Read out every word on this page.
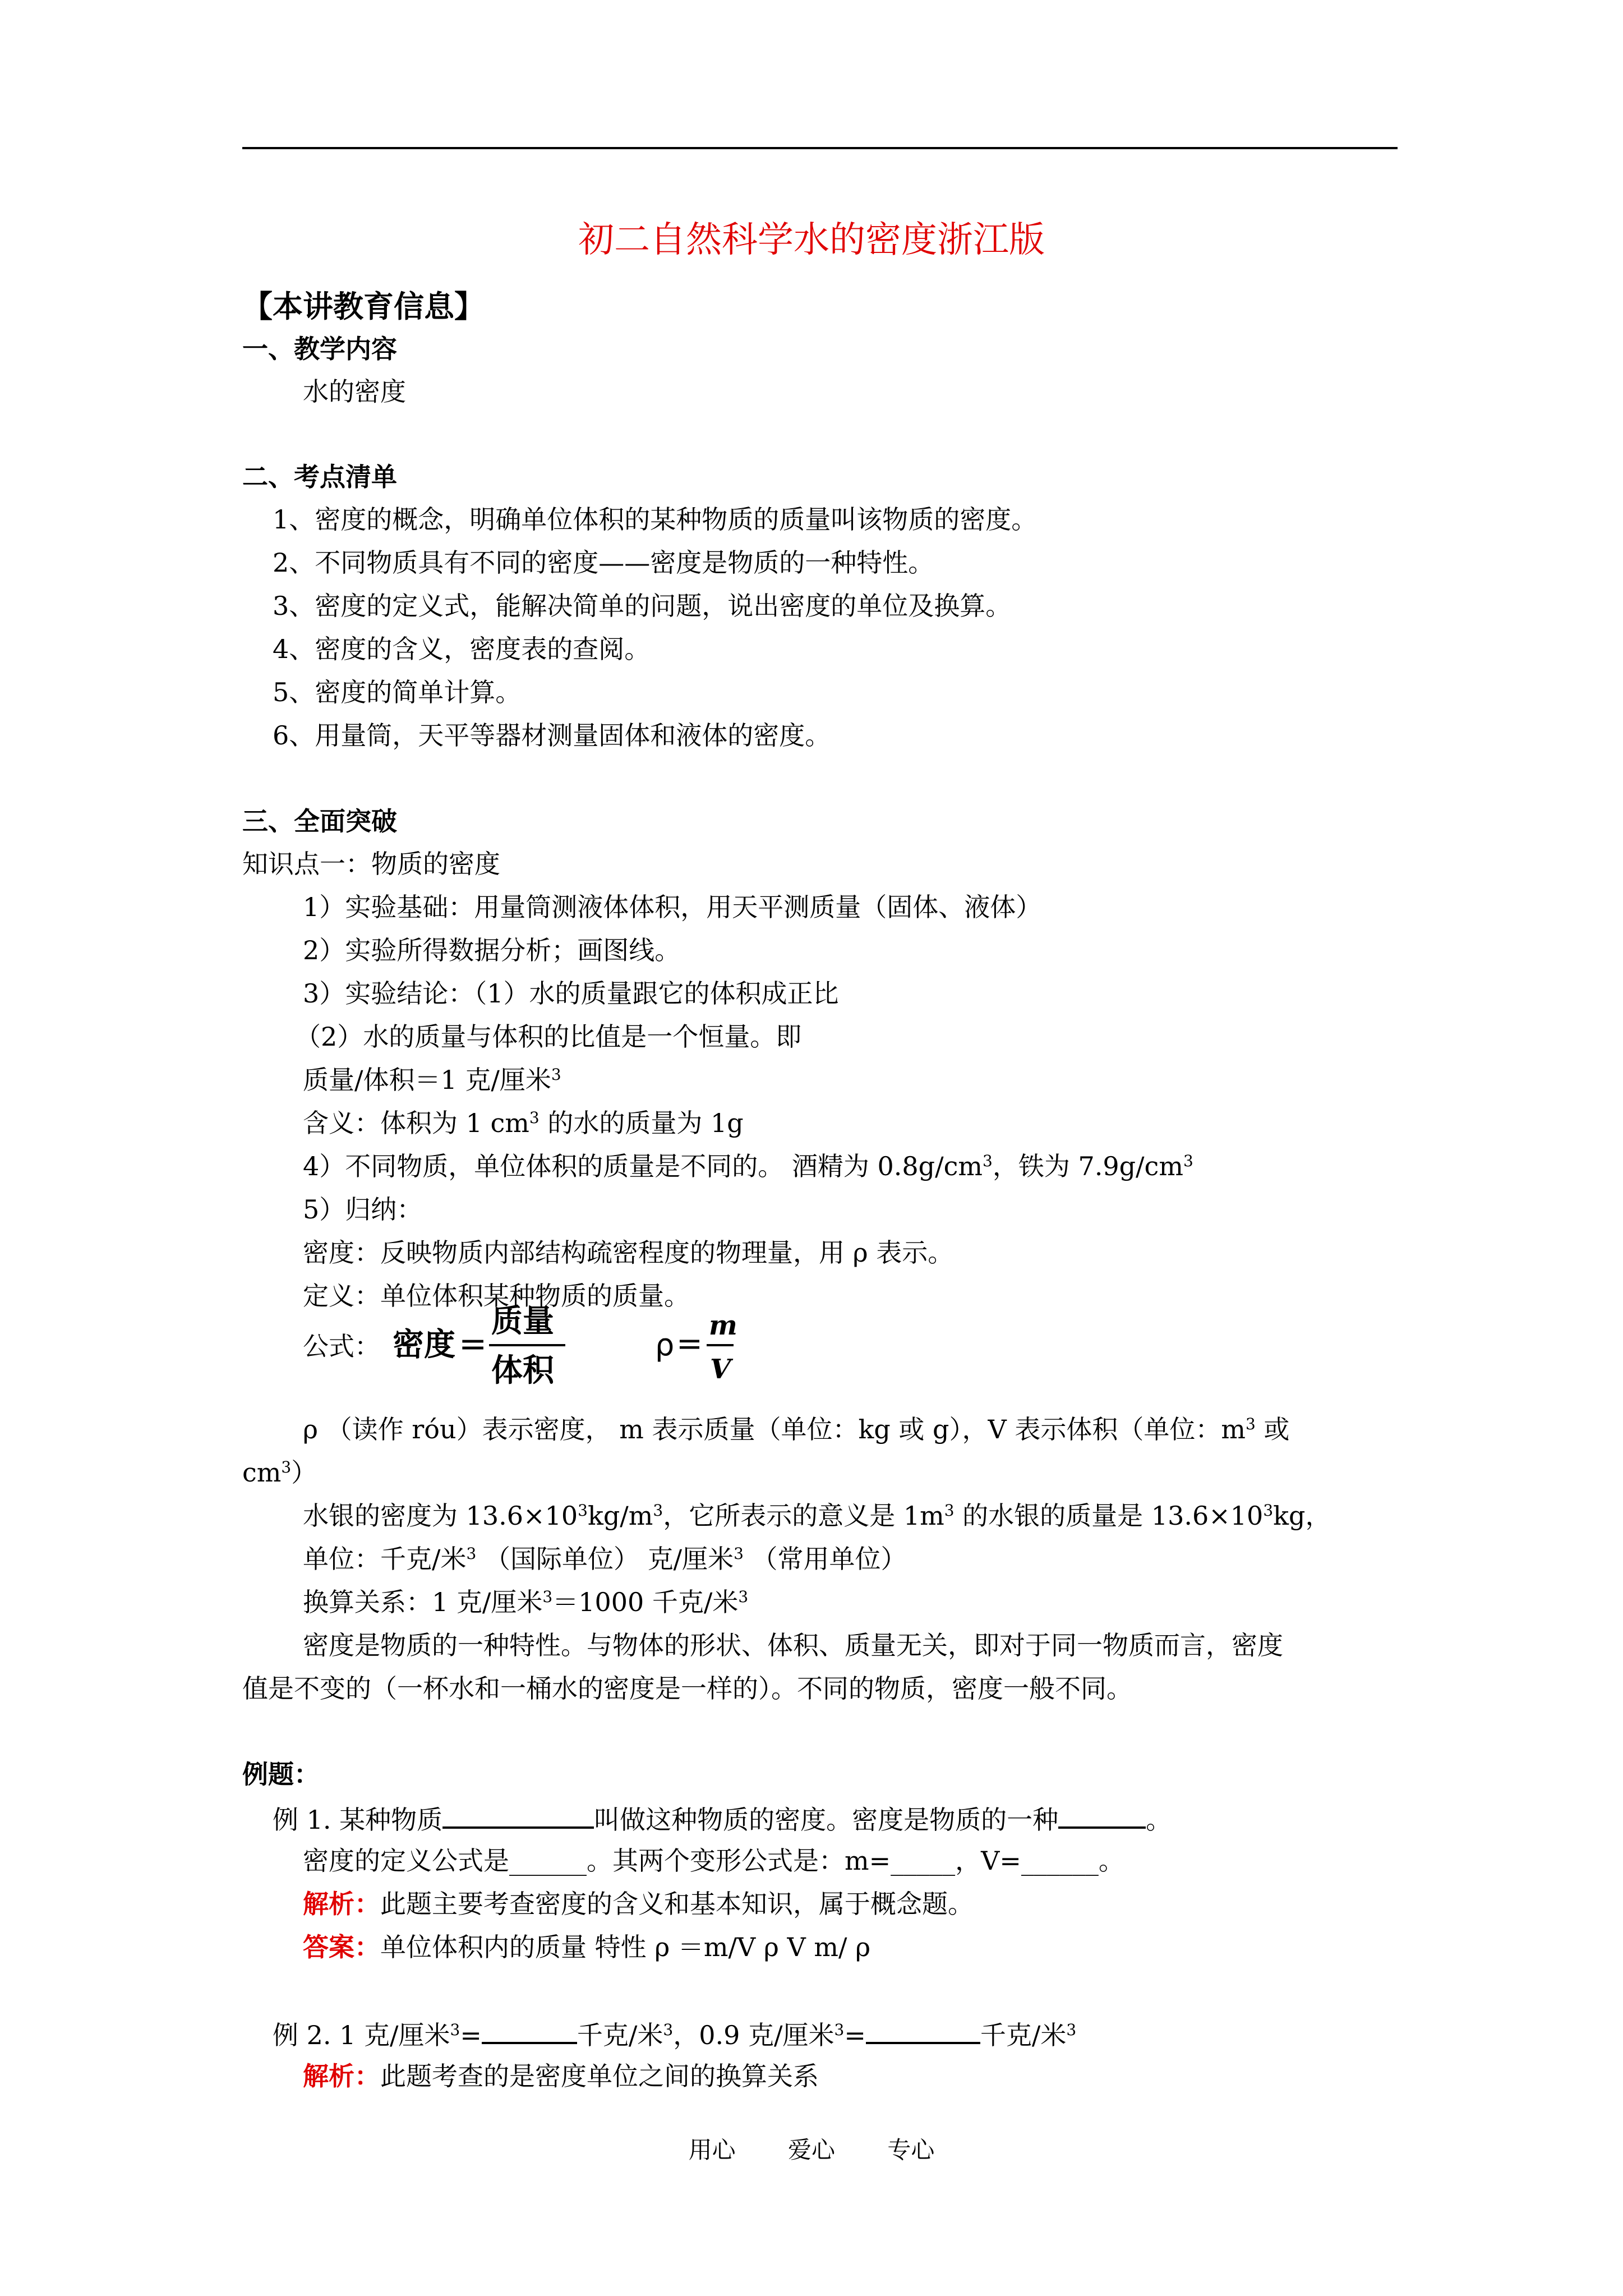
初二自然科学水的密度浙江版
【本讲教育信息】
一、教学内容
水的密度
二、考点清单
1、密度的概念，明确单位体积的某种物质的质量叫该物质的密度。
2、不同物质具有不同的密度——密度是物质的一种特性。
3、密度的定义式，能解决简单的问题，说出密度的单位及换算。
4、密度的含义，密度表的查阅。
5、密度的简单计算。
6、用量筒，天平等器材测量固体和液体的密度。
三、全面突破
知识点一：物质的密度
1）实验基础：用量筒测液体体积，用天平测质量（固体、液体）
2）实验所得数据分析；画图线。
3）实验结论：（1）水的质量跟它的体积成正比
（2）水的质量与体积的比值是一个恒量。即
质量/体积＝1 克/厘米$^3$
含义：体积为 1 $cm^3$ 的水的质量为 1g
4）不同物质，单位体积的质量是不同的。 酒精为 $0.8g/cm^3$，铁为 $7.9g/cm^3$
5）归纳：
密度：反映物质内部结构疏密程度的物理量，用 ρ 表示。
定义：单位体积某种物质的质量。
公式： 密度 =
质量
体积
ρ = m
V
ρ （读作 róu）表示密度， m 表示质量（单位：kg 或 g），V 表示体积（单位：$m^3$ 或
$cm^3$）
水银的密度为 $13.6\times 10^3kg/m^3$，它所表示的意义是 $1m^3$ 的水银的质量是 $13.6\times 10^3kg$，
单位：千克/米$^3$ （国际单位） 克/厘米$^3$ （常用单位）
换算关系：1 克/厘米$^3$＝1000 千克/米$^3$
密度是物质的一种特性。与物体的形状、体积、质量无关，即对于同一物质而言，密度
值是不变的（一杯水和一桶水的密度是一样的）。不同的物质，密度一般不同。
例题：
例 1. 某种物质	叫做这种物质的密度。密度是物质的一种	。
密度的定义公式是______。其两个变形公式是：m=_____，V=______。
解析：此题主要考查密度的含义和基本知识，属于概念题。
答案：单位体积内的质量 特性 ρ ＝m/V ρ V m/ ρ
例 2. 1 克/厘米$^3$=	千克/米$^3$，0.9 克/厘米$^3$=	千克/米$^3$
解析：此题考查的是密度单位之间的换算关系
用心 爱心 专心
